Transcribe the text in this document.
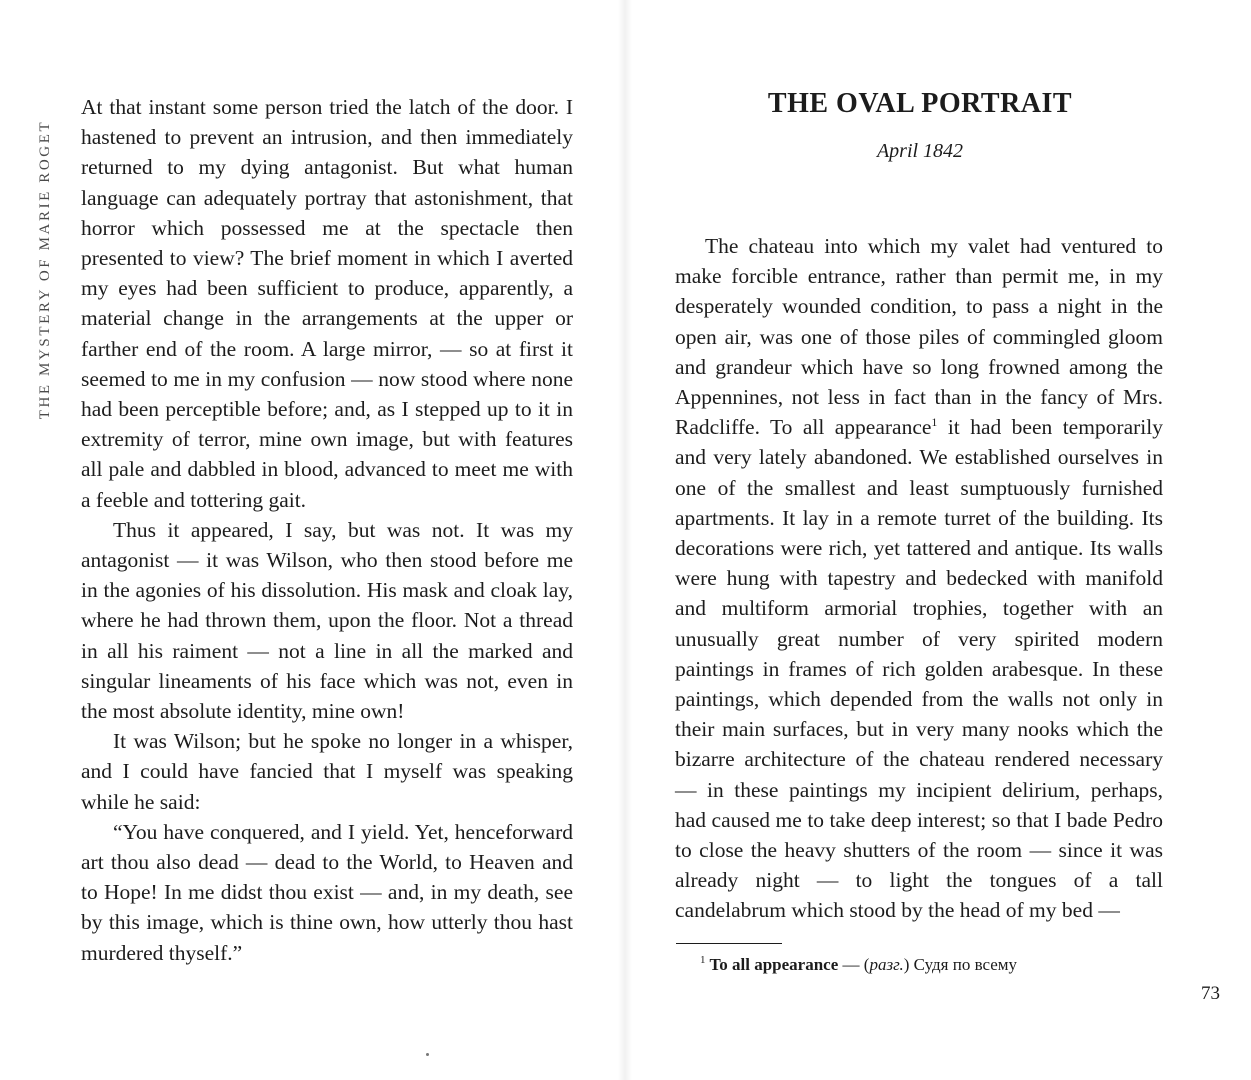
THE MYSTERY OF MARIE ROGET

At that instant some person tried the latch of the door. I hastened to prevent an intrusion, and then immediately returned to my dying antagonist. But what human language can adequately portray that astonishment, that horror which possessed me at the spectacle then presented to view? The brief moment in which I averted my eyes had been sufficient to produce, apparently, a material change in the arrangements at the upper or farther end of the room. A large mirror, — so at first it seemed to me in my confusion — now stood where none had been perceptible before; and, as I stepped up to it in extremity of terror, mine own image, but with features all pale and dabbled in blood, advanced to meet me with a feeble and tottering gait.

Thus it appeared, I say, but was not. It was my antagonist — it was Wilson, who then stood before me in the agonies of his dissolution. His mask and cloak lay, where he had thrown them, upon the floor. Not a thread in all his raiment — not a line in all the marked and singular lineaments of his face which was not, even in the most absolute identity, mine own!

It was Wilson; but he spoke no longer in a whisper, and I could have fancied that I myself was speaking while he said:

“You have conquered, and I yield. Yet, henceforward art thou also dead — dead to the World, to Heaven and to Hope! In me didst thou exist — and, in my death, see by this image, which is thine own, how utterly thou hast murdered thyself.”

THE OVAL PORTRAIT
April 1842

The chateau into which my valet had ventured to make forcible entrance, rather than permit me, in my desperately wounded condition, to pass a night in the open air, was one of those piles of commingled gloom and grandeur which have so long frowned among the Appennines, not less in fact than in the fancy of Mrs. Radcliffe. To all appearance$^1$ it had been temporarily and very lately abandoned. We established ourselves in one of the smallest and least sumptuously furnished apartments. It lay in a remote turret of the building. Its decorations were rich, yet tattered and antique. Its walls were hung with tapestry and bedecked with manifold and multiform armorial trophies, together with an unusually great number of very spirited modern paintings in frames of rich golden arabesque. In these paintings, which depended from the walls not only in their main surfaces, but in very many nooks which the bizarre architecture of the chateau rendered necessary — in these paintings my incipient delirium, perhaps, had caused me to take deep interest; so that I bade Pedro to close the heavy shutters of the room — since it was already night — to light the tongues of a tall candelabrum which stood by the head of my bed —

$^1$ To all appearance — (разг.) Судя по всему
73
